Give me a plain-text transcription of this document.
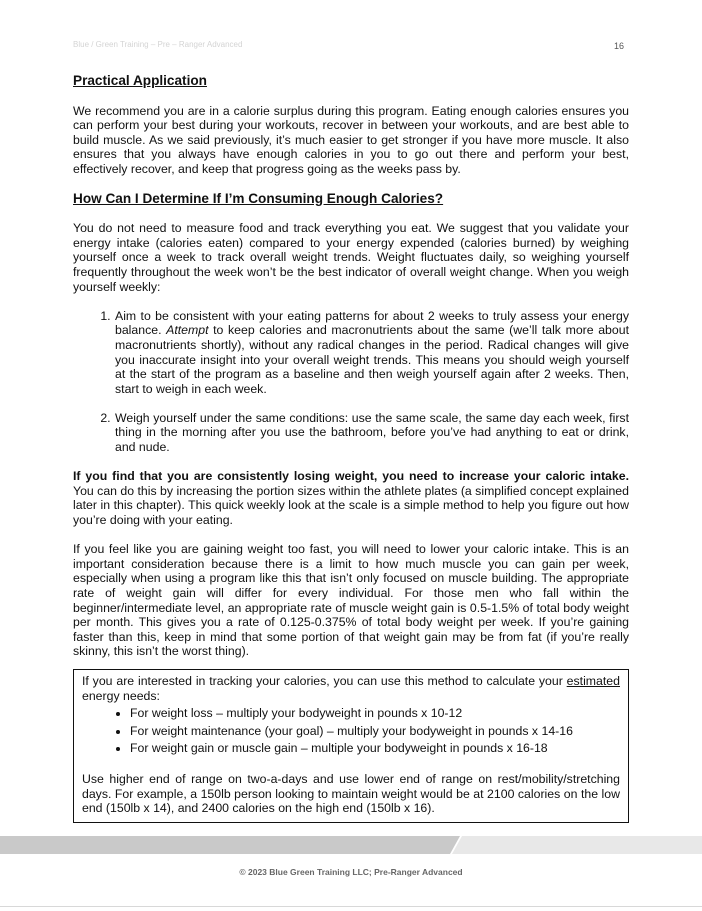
Blue / Green Training – Pre – Ranger Advanced	16
Practical Application

We recommend you are in a calorie surplus during this program. Eating enough calories ensures you can perform your best during your workouts, recover in between your workouts, and are best able to build muscle. As we said previously, it’s much easier to get stronger if you have more muscle. It also ensures that you always have enough calories in you to go out there and perform your best, effectively recover, and keep that progress going as the weeks pass by.

How Can I Determine If I’m Consuming Enough Calories?

You do not need to measure food and track everything you eat. We suggest that you validate your energy intake (calories eaten) compared to your energy expended (calories burned) by weighing yourself once a week to track overall weight trends. Weight fluctuates daily, so weighing yourself frequently throughout the week won’t be the best indicator of overall weight change. When you weigh yourself weekly:

1. Aim to be consistent with your eating patterns for about 2 weeks to truly assess your energy balance. Attempt to keep calories and macronutrients about the same (we’ll talk more about macronutrients shortly), without any radical changes in the period. Radical changes will give you inaccurate insight into your overall weight trends. This means you should weigh yourself at the start of the program as a baseline and then weigh yourself again after 2 weeks. Then, start to weigh in each week.
2. Weigh yourself under the same conditions: use the same scale, the same day each week, first thing in the morning after you use the bathroom, before you’ve had anything to eat or drink, and nude.

If you find that you are consistently losing weight, you need to increase your caloric intake. You can do this by increasing the portion sizes within the athlete plates (a simplified concept explained later in this chapter). This quick weekly look at the scale is a simple method to help you figure out how you’re doing with your eating.

If you feel like you are gaining weight too fast, you will need to lower your caloric intake. This is an important consideration because there is a limit to how much muscle you can gain per week, especially when using a program like this that isn’t only focused on muscle building. The appropriate rate of weight gain will differ for every individual. For those men who fall within the beginner/intermediate level, an appropriate rate of muscle weight gain is 0.5-1.5% of total body weight per month. This gives you a rate of 0.125-0.375% of total body weight per week. If you’re gaining faster than this, keep in mind that some portion of that weight gain may be from fat (if you’re really skinny, this isn’t the worst thing).

If you are interested in tracking your calories, you can use this method to calculate your estimated energy needs:

• For weight loss – multiply your bodyweight in pounds x 10-12
• For weight maintenance (your goal) – multiply your bodyweight in pounds x 14-16
• For weight gain or muscle gain – multiple your bodyweight in pounds x 16-18

Use higher end of range on two-a-days and use lower end of range on rest/mobility/stretching days. For example, a 150lb person looking to maintain weight would be at 2100 calories on the low end (150lb x 14), and 2400 calories on the high end (150lb x 16).

© 2023 Blue Green Training LLC; Pre-Ranger Advanced
